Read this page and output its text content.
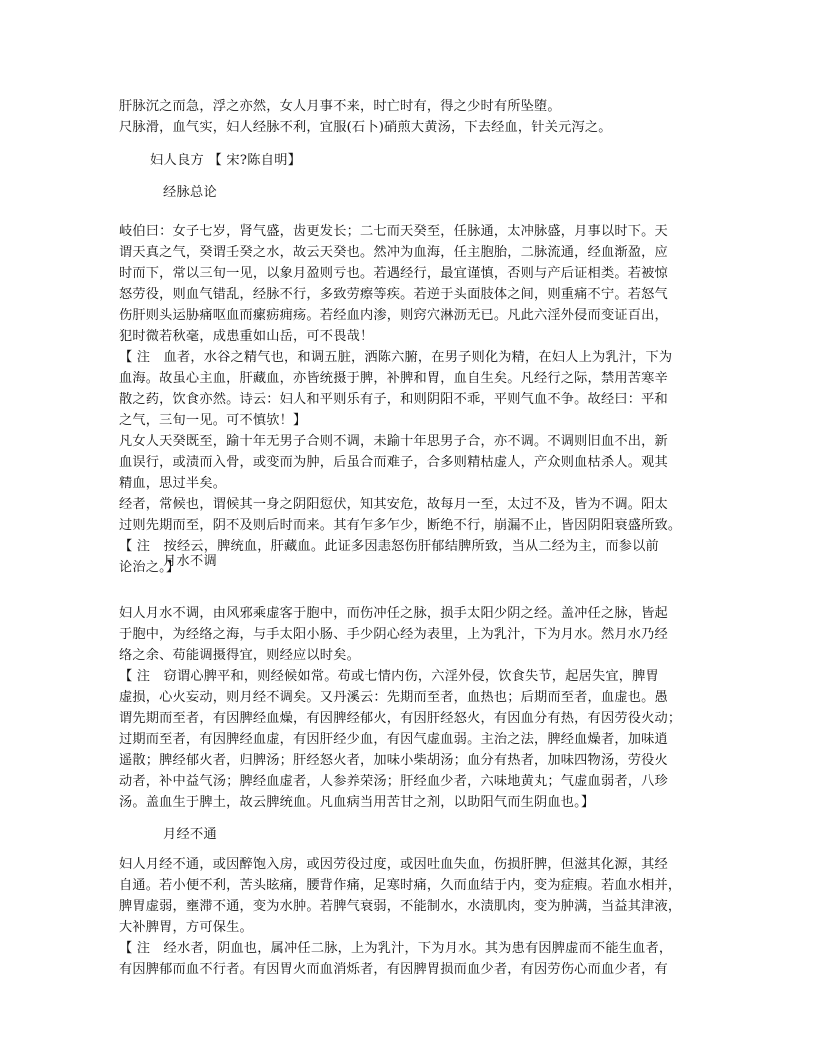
肝脉沉之而急，浮之亦然，女人月事不来，时亡时有，得之少时有所坠堕。

尺脉滑，血气实，妇人经脉不利，宜服(石卜)硝煎大黄汤，下去经血，针关元泻之。

妇人良方 【 宋?陈自明】

经脉总论

岐伯曰：女子七岁，肾气盛，齿更发长；二七而天癸至，任脉通，太冲脉盛，月事以时下。天
谓天真之气，癸谓壬癸之水，故云天癸也。然冲为血海，任主胞胎，二脉流通，经血渐盈，应
时而下，常以三旬一见，以象月盈则亏也。若遇经行，最宜谨慎，否则与产后证相类。若被惊
怒劳役，则血气错乱，经脉不行，多致劳瘵等疾。若逆于头面肢体之间，则重痛不宁。若怒气
伤肝则头运胁痛呕血而瘰疬痈疡。若经血内渗，则窍穴淋沥无已。凡此六淫外侵而变证百出，
犯时微若秋毫，成患重如山岳，可不畏哉！

【 注　血者，水谷之精气也，和调五脏，洒陈六腑，在男子则化为精，在妇人上为乳汁，下为
血海。故虽心主血，肝藏血，亦皆统摄于脾，补脾和胃，血自生矣。凡经行之际，禁用苦寒辛
散之药，饮食亦然。诗云：妇人和平则乐有子，和则阴阳不乖，平则气血不争。故经曰：平和
之气，三旬一见。可不慎欤！】

凡女人天癸既至，踰十年无男子合则不调，未踰十年思男子合，亦不调。不调则旧血不出，新
血误行，或渍而入骨，或变而为肿，后虽合而难子，合多则精枯虚人，产众则血枯杀人。观其
精血，思过半矣。

经者，常候也，谓候其一身之阴阳愆伏，知其安危，故每月一至，太过不及，皆为不调。阳太
过则先期而至，阴不及则后时而来。其有乍多乍少，断绝不行，崩漏不止，皆因阴阳衰盛所致。
【 注　按经云，脾统血，肝藏血。此证多因恚怒伤肝郁结脾所致，当从二经为主，而参以前
论治之。】

月水不调

妇人月水不调，由风邪乘虚客于胞中，而伤冲任之脉，损手太阳少阴之经。盖冲任之脉，皆起
于胞中，为经络之海，与手太阳小肠、手少阴心经为表里，上为乳汁，下为月水。然月水乃经
络之余、苟能调摄得宜，则经应以时矣。
【 注　窃谓心脾平和，则经候如常。苟或七情内伤，六淫外侵，饮食失节，起居失宜，脾胃
虚损，心火妄动，则月经不调矣。又丹溪云：先期而至者，血热也；后期而至者，血虚也。愚
谓先期而至者，有因脾经血燥，有因脾经郁火，有因肝经怒火，有因血分有热，有因劳役火动；
过期而至者，有因脾经血虚，有因肝经少血，有因气虚血弱。主治之法，脾经血燥者，加味逍
遥散；脾经郁火者，归脾汤；肝经怒火者，加味小柴胡汤；血分有热者，加味四物汤，劳役火
动者，补中益气汤；脾经血虚者，人参养荣汤；肝经血少者，六味地黄丸；气虚血弱者，八珍
汤。盖血生于脾土，故云脾统血。凡血病当用苦甘之剂，以助阳气而生阴血也。】

月经不通

妇人月经不通，或因醉饱入房，或因劳役过度，或因吐血失血，伤损肝脾，但滋其化源，其经
自通。若小便不利，苦头眩痛，腰背作痛，足寒时痛，久而血结于内，变为症瘕。若血水相并，
脾胃虚弱，壅滞不通，变为水肿。若脾气衰弱，不能制水，水渍肌肉，变为肿满，当益其津液，
大补脾胃，方可保生。
【 注　经水者，阴血也，属冲任二脉，上为乳汁，下为月水。其为患有因脾虚而不能生血者，
有因脾郁而血不行者。有因胃火而血消烁者，有因脾胃损而血少者，有因劳伤心而血少者，有
